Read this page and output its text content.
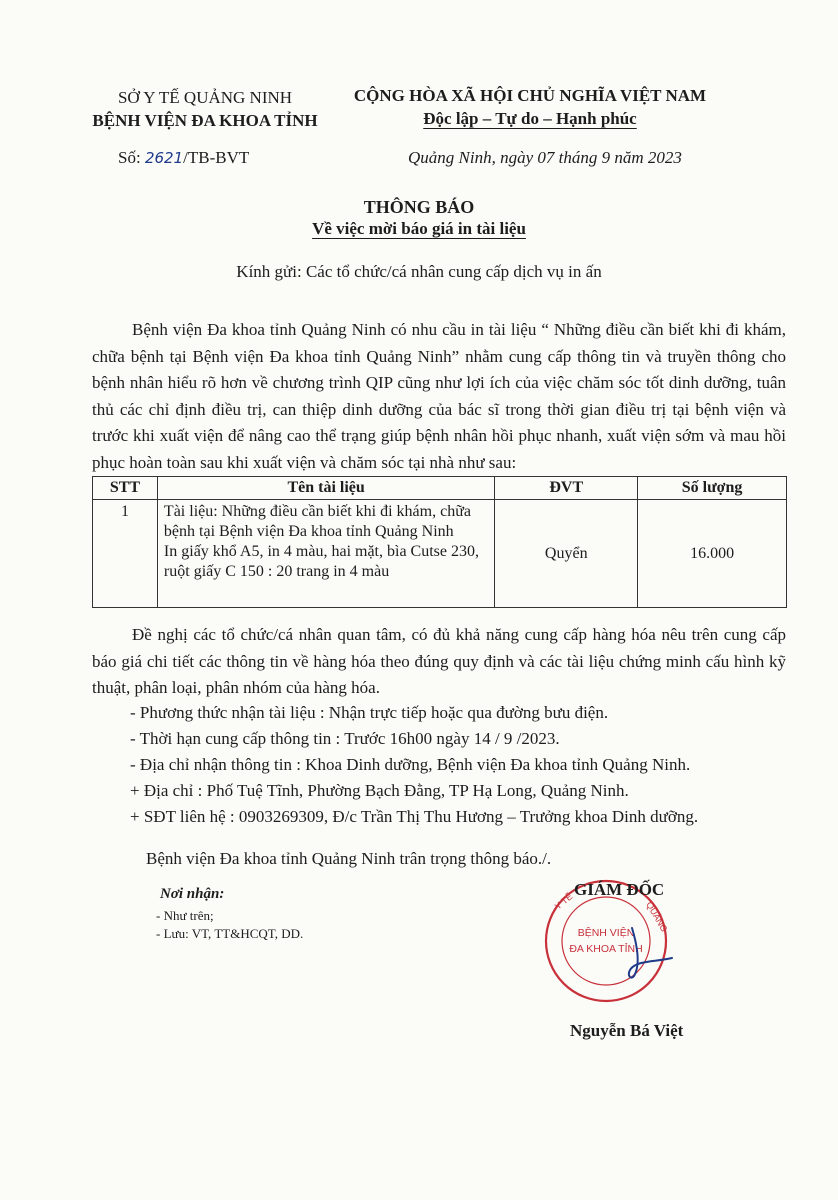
SỞ Y TẾ QUẢNG NINH
BỆNH VIỆN ĐA KHOA TỈNH
CỘNG HÒA XÃ HỘI CHỦ NGHĨA VIỆT NAM
Độc lập – Tự do – Hạnh phúc
Số: 2621/TB-BVT	Quảng Ninh, ngày 07 tháng 9 năm 2023
THÔNG BÁO
Về việc mời báo giá in tài liệu
Kính gửi: Các tổ chức/cá nhân cung cấp dịch vụ in ấn
Bệnh viện Đa khoa tỉnh Quảng Ninh có nhu cầu in tài liệu “ Những điều cần biết khi đi khám, chữa bệnh tại Bệnh viện Đa khoa tỉnh Quảng Ninh” nhằm cung cấp thông tin và truyền thông cho bệnh nhân hiểu rõ hơn về chương trình QIP cũng như lợi ích của việc chăm sóc tốt dinh dưỡng, tuân thủ các chỉ định điều trị, can thiệp dinh dưỡng của bác sĩ trong thời gian điều trị tại bệnh viện và trước khi xuất viện để nâng cao thể trạng giúp bệnh nhân hồi phục nhanh, xuất viện sớm và mau hồi phục hoàn toàn sau khi xuất viện và chăm sóc tại nhà như sau:
STT	Tên tài liệu	ĐVT	Số lượng
1	Tài liệu: Những điều cần biết khi đi khám, chữa
bệnh tại Bệnh viện Đa khoa tỉnh Quảng Ninh
In giấy khổ A5, in 4 màu, hai mặt, bìa Cutse 230,
ruột giấy C 150 : 20 trang in 4 màu	Quyển	16.000
Đề nghị các tổ chức/cá nhân quan tâm, có đủ khả năng cung cấp hàng hóa nêu trên cung cấp báo giá chi tiết các thông tin về hàng hóa theo đúng quy định và các tài liệu chứng minh cấu hình kỹ thuật, phân loại, phân nhóm của hàng hóa.
- Phương thức nhận tài liệu : Nhận trực tiếp hoặc qua đường bưu điện.
- Thời hạn cung cấp thông tin : Trước 16h00 ngày 14 / 9 /2023.
- Địa chỉ nhận thông tin : Khoa Dinh dưỡng, Bệnh viện Đa khoa tỉnh Quảng Ninh.
+ Địa chỉ : Phố Tuệ Tĩnh, Phường Bạch Đằng, TP Hạ Long, Quảng Ninh.
+ SĐT liên hệ : 0903269309, Đ/c Trần Thị Thu Hương – Trưởng khoa Dinh dưỡng.
Bệnh viện Đa khoa tỉnh Quảng Ninh trân trọng thông báo./.
Nơi nhận:
- Như trên;
- Lưu: VT, TT&HCQT, DD.
Y TẾ	QUẢNG
BỆNH VIỆN
ĐA KHOA TỈNH
GIÁM ĐỐC
Nguyễn Bá Việt
